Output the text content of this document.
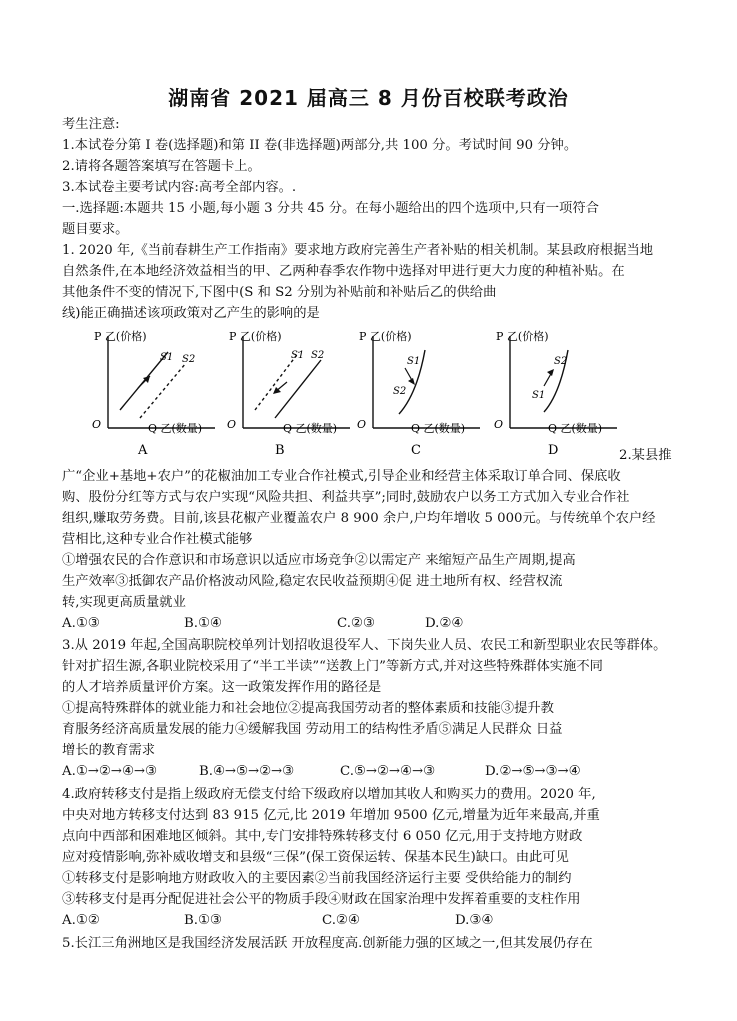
湖南省 2021 届高三 8 月份百校联考政治
考生注意:
1.本试卷分第 I 卷(选择题)和第 II 卷(非选择题)两部分,共 100 分。考试时间 90 分钟。
2.请将各题答案填写在答题卡上。
3.本试卷主要考试内容:高考全部内容。.
一.选择题:本题共 15 小题,每小题 3 分共 45 分。在每小题给出的四个选项中,只有一项符合
题目要求。
1. 2020 年,《当前春耕生产工作指南》要求地方政府完善生产者补贴的相关机制。某县政府根据当地
自然条件,在本地经济效益相当的甲、乙两种春季农作物中选择对甲进行更大力度的种植补贴。在
其他条件不变的情况下,下图中(S 和 S2 分别为补贴前和补贴后乙的供给曲
线)能正确描述该项政策对乙产生的影响的是
P 乙(价格)
O	Q 乙(数量)
S1 S2
A
P 乙(价格)
O	Q 乙(数量)
S1 S2
B
P 乙(价格)
O	Q 乙(数量)
S1
S2
C
P 乙(价格)
O	Q 乙(数量)
S2
S1
D	2.某县推
广“企业+基地+农户”的花椒油加工专业合作社模式,引导企业和经营主体采取订单合同、保底收
购、股份分红等方式与农户实现“风险共担、利益共享”;同时,鼓励农户以务工方式加入专业合作社
组织,赚取劳务费。目前,该县花椒产业覆盖农户 8 900 余户,户均年增收 5 000元。与传统单个农户经
营相比,这种专业合作社模式能够
①增强农民的合作意识和市场意识以适应市场竞争②以需定产 来缩短产品生产周期,提高
生产效率③抵御农产品价格波动风险,稳定农民收益预期④促 进土地所有权、经营权流
转,实现更高质量就业
A.①③	B.①④	C.②③	D.②④
3.从 2019 年起,全国高职院校单列计划招收退役军人、下岗失业人员、农民工和新型职业农民等群体。
针对扩招生源,各职业院校采用了“半工半读”“送教上门”等新方式,并对这些特殊群体实施不同
的人才培养质量评价方案。这一政策发挥作用的路径是
①提高特殊群体的就业能力和社会地位②提高我国劳动者的整体素质和技能③提升教
育服务经济高质量发展的能力④缓解我国 劳动用工的结构性矛盾⑤满足人民群众 日益
增长的教育需求
A.①→②→④→③	B.④→⑤→②→③	C.⑤→②→④→③	D.②→⑤→③→④
4.政府转移支付是指上级政府无偿支付给下级政府以增加其收人和购买力的费用。2020 年,
中央对地方转移支付达到 83 915 亿元,比 2019 年增加 9500 亿元,增量为近年来最高,并重
点向中西部和困难地区倾斜。其中,专门安排特殊转移支付 6 050 亿元,用于支持地方财政
应对疫情影响,弥补威收增支和县级“三保”(保工资保运转、保基本民生)缺口。由此可见
①转移支付是影响地方财政收入的主要因素②当前我国经济运行主要 受供给能力的制约
③转移支付是再分配促进社会公平的物质手段④财政在国家治理中发挥着重要的支柱作用
A.①②	B.①③	C.②④	D.③④
5.长江三角洲地区是我国经济发展活跃 开放程度高.创新能力强的区域之一,但其发展仍存在
